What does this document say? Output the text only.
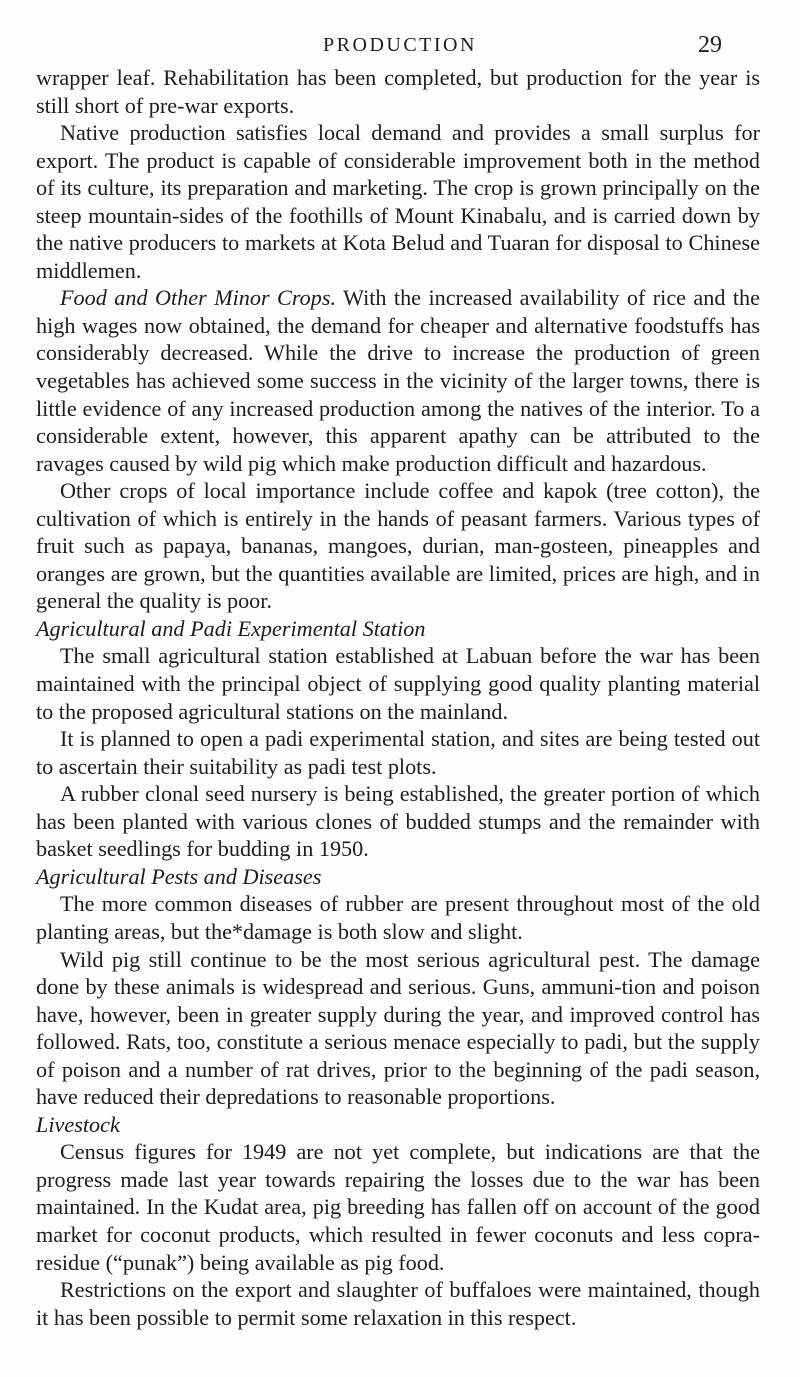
PRODUCTION	29

wrapper leaf. Rehabilitation has been completed, but production for the year is still short of pre-war exports.

Native production satisfies local demand and provides a small surplus for export. The product is capable of considerable improvement both in the method of its culture, its preparation and marketing. The crop is grown principally on the steep mountain-sides of the foothills of Mount Kinabalu, and is carried down by the native producers to markets at Kota Belud and Tuaran for disposal to Chinese middlemen.

Food and Other Minor Crops. With the increased availability of rice and the high wages now obtained, the demand for cheaper and alternative foodstuffs has considerably decreased. While the drive to increase the production of green vegetables has achieved some success in the vicinity of the larger towns, there is little evidence of any increased production among the natives of the interior. To a considerable extent, however, this apparent apathy can be attributed to the ravages caused by wild pig which make production difficult and hazardous.

Other crops of local importance include coffee and kapok (tree cotton), the cultivation of which is entirely in the hands of peasant farmers. Various types of fruit such as papaya, bananas, mangoes, durian, man-gosteen, pineapples and oranges are grown, but the quantities available are limited, prices are high, and in general the quality is poor.

Agricultural and Padi Experimental Station

The small agricultural station established at Labuan before the war has been maintained with the principal object of supplying good quality planting material to the proposed agricultural stations on the mainland.

It is planned to open a padi experimental station, and sites are being tested out to ascertain their suitability as padi test plots.

A rubber clonal seed nursery is being established, the greater portion of which has been planted with various clones of budded stumps and the remainder with basket seedlings for budding in 1950.

Agricultural Pests and Diseases

The more common diseases of rubber are present throughout most of the old planting areas, but the*damage is both slow and slight.

Wild pig still continue to be the most serious agricultural pest. The damage done by these animals is widespread and serious. Guns, ammuni-tion and poison have, however, been in greater supply during the year, and improved control has followed. Rats, too, constitute a serious menace especially to padi, but the supply of poison and a number of rat drives, prior to the beginning of the padi season, have reduced their depredations to reasonable proportions.

Livestock

Census figures for 1949 are not yet complete, but indications are that the progress made last year towards repairing the losses due to the war has been maintained. In the Kudat area, pig breeding has fallen off on account of the good market for coconut products, which resulted in fewer coconuts and less copra-residue (“punak”) being available as pig food.

Restrictions on the export and slaughter of buffaloes were maintained, though it has been possible to permit some relaxation in this respect.
